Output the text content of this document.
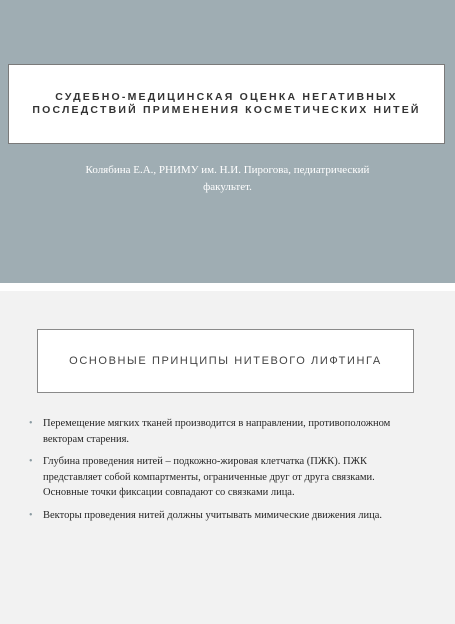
СУДЕБНО-МЕДИЦИНСКАЯ ОЦЕНКА НЕГАТИВНЫХ
ПОСЛЕДСТВИЙ ПРИМЕНЕНИЯ КОСМЕТИЧЕСКИХ НИТЕЙ
Колябина Е.А., РНИМУ им. Н.И. Пирогова, педиатрический факультет.
ОСНОВНЫЕ ПРИНЦИПЫ НИТЕВОГО ЛИФТИНГА
• Перемещение мягких тканей производится в направлении, противоположном векторам старения.
• Глубина проведения нитей – подкожно-жировая клетчатка (ПЖК). ПЖК представляет собой компартменты, ограниченные друг от друга связками. Основные точки фиксации совпадают со связками лица.
• Векторы проведения нитей должны учитывать мимические движения лица.
